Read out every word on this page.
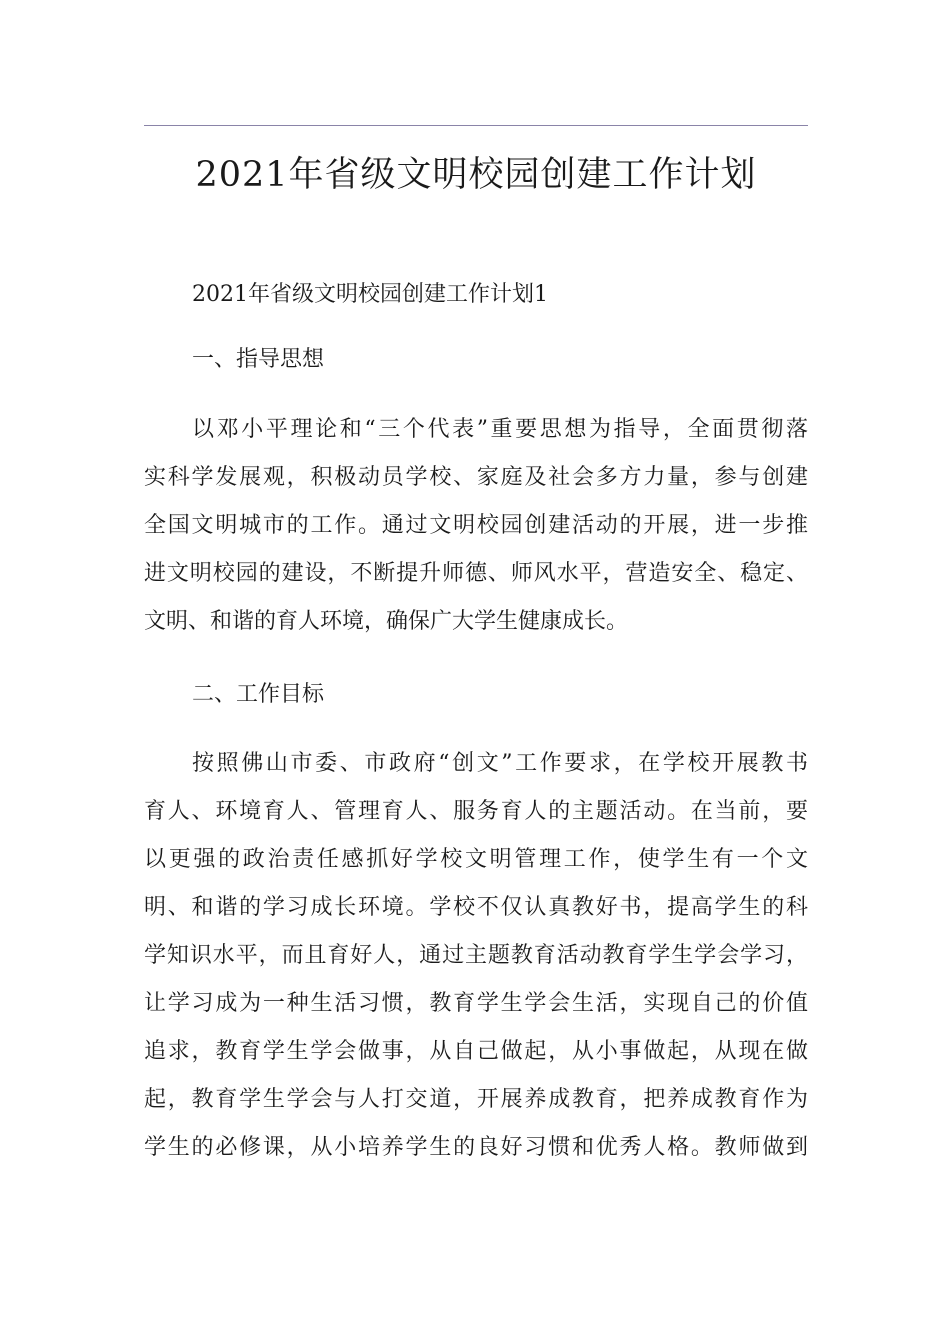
2021年省级文明校园创建工作计划
2021年省级文明校园创建工作计划1
一、指导思想
以邓小平理论和“三个代表”重要思想为指导，全面贯彻落
实科学发展观，积极动员学校、家庭及社会多方力量，参与创建
全国文明城市的工作。通过文明校园创建活动的开展，进一步推
进文明校园的建设，不断提升师德、师风水平，营造安全、稳定、
文明、和谐的育人环境，确保广大学生健康成长。
二、工作目标
按照佛山市委、市政府“创文”工作要求，在学校开展教书
育人、环境育人、管理育人、服务育人的主题活动。在当前，要
以更强的政治责任感抓好学校文明管理工作，使学生有一个文
明、和谐的学习成长环境。学校不仅认真教好书，提高学生的科
学知识水平，而且育好人，通过主题教育活动教育学生学会学习，
让学习成为一种生活习惯，教育学生学会生活，实现自己的价值
追求，教育学生学会做事，从自己做起，从小事做起，从现在做
起，教育学生学会与人打交道，开展养成教育，把养成教育作为
学生的必修课，从小培养学生的良好习惯和优秀人格。教师做到
